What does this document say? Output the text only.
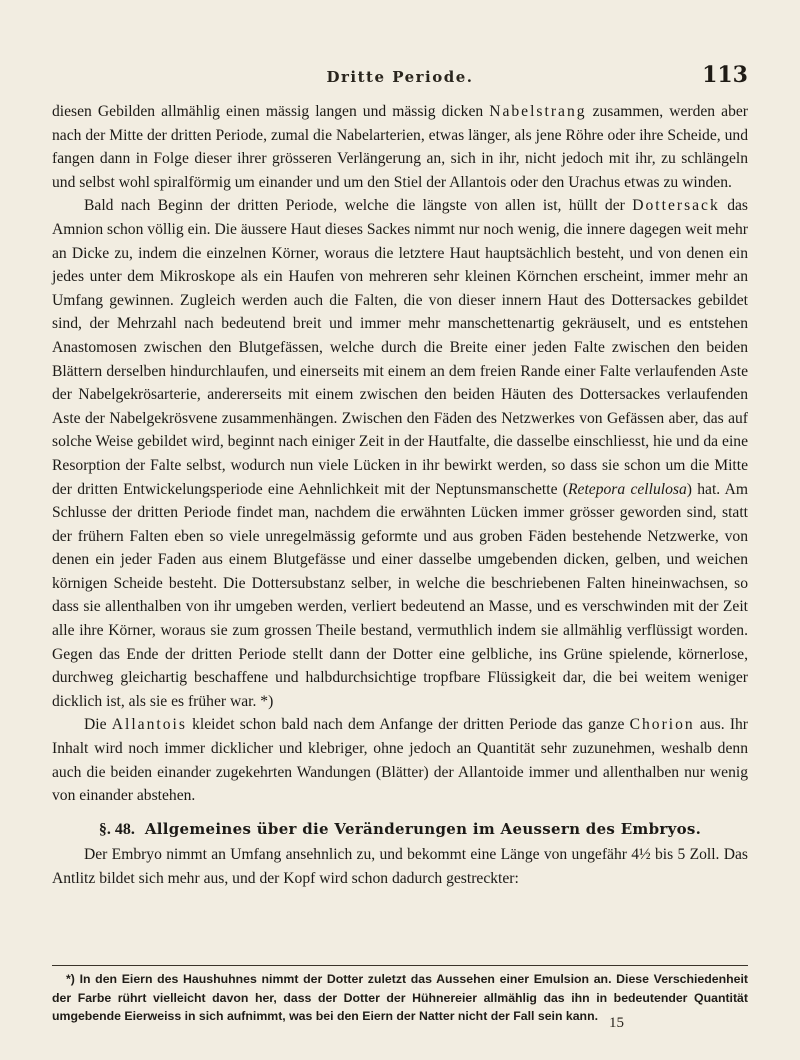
Dritte Periode.	113

diesen Gebilden allmählig einen mässig langen und mässig dicken Nabelstrang zusammen, werden aber nach der Mitte der dritten Periode, zumal die Nabelarterien, etwas länger, als jene Röhre oder ihre Scheide, und fangen dann in Folge dieser ihrer grösseren Verlängerung an, sich in ihr, nicht jedoch mit ihr, zu schlängeln und selbst wohl spiralförmig um einander und um den Stiel der Allantois oder den Urachus etwas zu winden.

Bald nach Beginn der dritten Periode, welche die längste von allen ist, hüllt der Dottersack das Amnion schon völlig ein. Die äussere Haut dieses Sackes nimmt nur noch wenig, die innere dagegen weit mehr an Dicke zu, indem die einzelnen Körner, woraus die letztere Haut hauptsächlich besteht, und von denen ein jedes unter dem Mikroskope als ein Haufen von mehreren sehr kleinen Körnchen erscheint, immer mehr an Umfang gewinnen. Zugleich werden auch die Falten, die von dieser innern Haut des Dottersackes gebildet sind, der Mehrzahl nach bedeutend breit und immer mehr manschettenartig gekräuselt, und es entstehen Anastomosen zwischen den Blutgefässen, welche durch die Breite einer jeden Falte zwischen den beiden Blättern derselben hindurchlaufen, und einerseits mit einem an dem freien Rande einer Falte verlaufenden Aste der Nabelgekrösarterie, andererseits mit einem zwischen den beiden Häuten des Dottersackes verlaufenden Aste der Nabelgekrösvene zusammenhängen. Zwischen den Fäden des Netzwerkes von Gefässen aber, das auf solche Weise gebildet wird, beginnt nach einiger Zeit in der Hautfalte, die dasselbe einschliesst, hie und da eine Resorption der Falte selbst, wodurch nun viele Lücken in ihr bewirkt werden, so dass sie schon um die Mitte der dritten Entwickelungsperiode eine Aehnlichkeit mit der Neptunsmanschette (Retepora cellulosa) hat. Am Schlusse der dritten Periode findet man, nachdem die erwähnten Lücken immer grösser geworden sind, statt der frühern Falten eben so viele unregelmässig geformte und aus groben Fäden bestehende Netzwerke, von denen ein jeder Faden aus einem Blutgefässe und einer dasselbe umgebenden dicken, gelben, und weichen körnigen Scheide besteht. Die Dottersubstanz selber, in welche die beschriebenen Falten hineinwachsen, so dass sie allenthalben von ihr umgeben werden, verliert bedeutend an Masse, und es verschwinden mit der Zeit alle ihre Körner, woraus sie zum grossen Theile bestand, vermuthlich indem sie allmählig verflüssigt worden. Gegen das Ende der dritten Periode stellt dann der Dotter eine gelbliche, ins Grüne spielende, körnerlose, durchweg gleichartig beschaffene und halbdurchsichtige tropfbare Flüssigkeit dar, die bei weitem weniger dicklich ist, als sie es früher war. *)

Die Allantois kleidet schon bald nach dem Anfange der dritten Periode das ganze Chorion aus. Ihr Inhalt wird noch immer dicklicher und klebriger, ohne jedoch an Quantität sehr zuzunehmen, weshalb denn auch die beiden einander zugekehrten Wandungen (Blätter) der Allantoide immer und allenthalben nur wenig von einander abstehen.

§. 48. Allgemeines über die Veränderungen im Aeussern des Embryos.

Der Embryo nimmt an Umfang ansehnlich zu, und bekommt eine Länge von ungefähr 4½ bis 5 Zoll. Das Antlitz bildet sich mehr aus, und der Kopf wird schon dadurch gestreckter:

*) In den Eiern des Haushuhnes nimmt der Dotter zuletzt das Aussehen einer Emulsion an. Diese Verschiedenheit der Farbe rührt vielleicht davon her, dass der Dotter der Hühnereier allmählig das ihn in bedeutender Quantität umgebende Eierweiss in sich aufnimmt, was bei den Eiern der Natter nicht der Fall sein kann. 15
